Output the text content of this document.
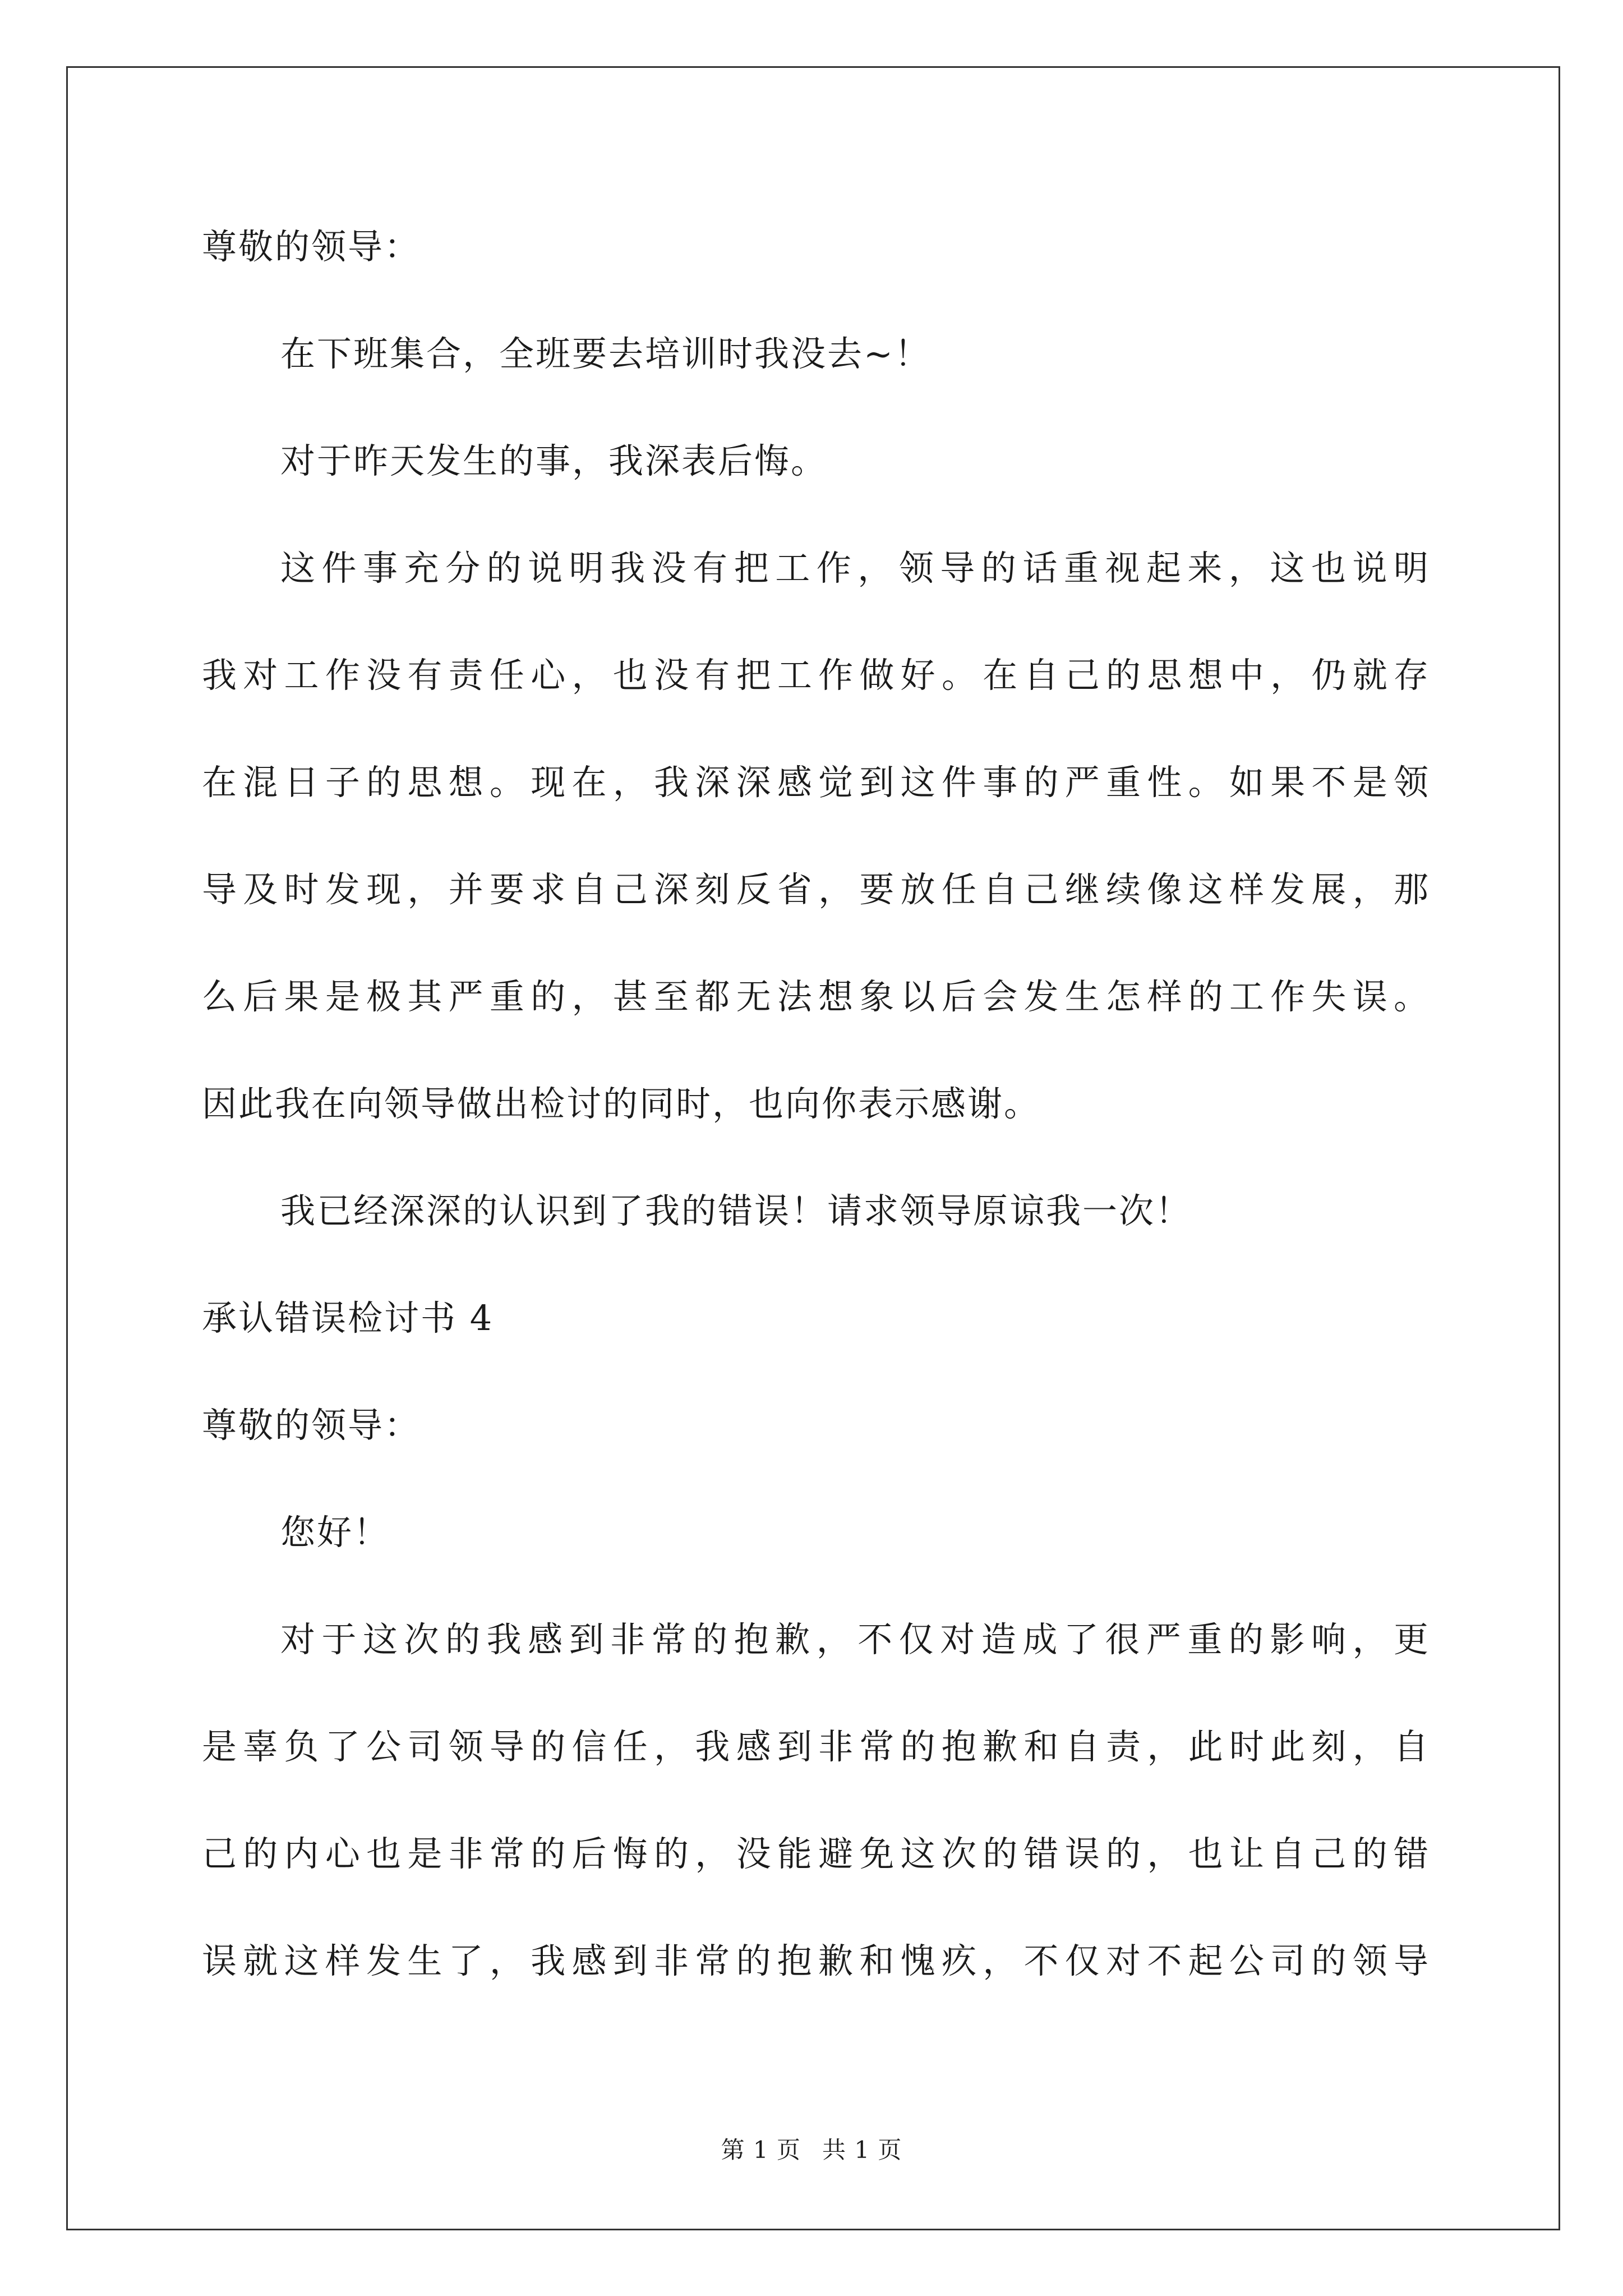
尊敬的领导：
在下班集合，全班要去培训时我没去~！
对于昨天发生的事，我深表后悔。
这件事充分的说明我没有把工作，领导的话重视起来，这也说明
我对工作没有责任心，也没有把工作做好。在自己的思想中，仍就存
在混日子的思想。现在，我深深感觉到这件事的严重性。如果不是领
导及时发现，并要求自己深刻反省，要放任自己继续像这样发展，那
么后果是极其严重的，甚至都无法想象以后会发生怎样的工作失误。
因此我在向领导做出检讨的同时，也向你表示感谢。
我已经深深的认识到了我的错误！请求领导原谅我一次！
承认错误检讨书 4
尊敬的领导：
您好！
对于这次的我感到非常的抱歉，不仅对造成了很严重的影响，更
是辜负了公司领导的信任，我感到非常的抱歉和自责，此时此刻，自
己的内心也是非常的后悔的，没能避免这次的错误的，也让自己的错
误就这样发生了，我感到非常的抱歉和愧疚，不仅对不起公司的领导
第 1 页 共 1 页
